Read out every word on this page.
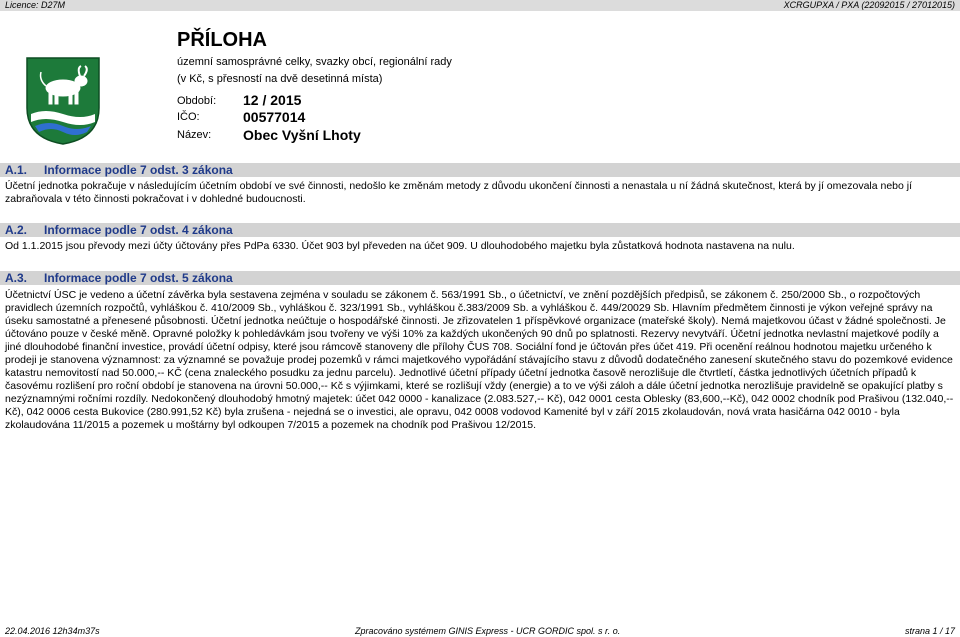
Licence: D27M	XCRGUPXA / PXA (22092015 / 27012015)
PŘÍLOHA
územní samosprávné celky, svazky obcí, regionální rady
(v Kč, s přesností na dvě desetinná místa)
Období: 12 / 2015
IČO:	00577014
Název: Obec Vyšní Lhoty
A.1. Informace podle 7 odst. 3 zákona
Účetní jednotka pokračuje v následujícím účetním období ve své činnosti, nedošlo ke změnám metody z důvodu ukončení činnosti a nenastala u ní žádná skutečnost, která by jí omezovala nebo jí zabraňovala v této činnosti pokračovat i v dohledné budoucnosti.
A.2. Informace podle 7 odst. 4 zákona
Od 1.1.2015 jsou převody mezi účty účtovány přes PdPa 6330. Účet 903 byl převeden na účet 909. U dlouhodobého majetku byla zůstatková hodnota nastavena na nulu.
A.3. Informace podle 7 odst. 5 zákona
Účetnictví ÚSC je vedeno a účetní závěrka byla sestavena zejména v souladu se zákonem č. 563/1991 Sb., o účetnictví, ve znění pozdějších předpisů, se zákonem č. 250/2000 Sb., o rozpočtových pravidlech územních rozpočtů, vyhláškou č. 410/2009 Sb., vyhláškou č. 323/1991 Sb., vyhláškou č.383/2009 Sb. a vyhláškou č. 449/20029 Sb. Hlavním předmětem činnosti je výkon veřejné správy na úseku samostatné a přenesené působnosti. Účetní jednotka neúčtuje o hospodářské činnosti. Je zřizovatelen 1 příspěvkové organizace (mateřské školy). Nemá majetkovou účast v žádné společnosti. Je účtováno pouze v české měně. Opravné položky k pohledávkám jsou tvořeny ve výši 10% za každých ukončených 90 dnů po splatnosti. Rezervy nevytváří. Účetní jednotka nevlastní majetkové podíly a jiné dlouhodobé finanční investice, provádí účetní odpisy, které jsou rámcově stanoveny dle přílohy ČUS 708. Sociální fond je účtován přes účet 419. Při ocenění reálnou hodnotou majetku určeného k prodeji je stanovena významnost: za významné se považuje prodej pozemků v rámci majetkového vypořádání stávajícího stavu z důvodů dodatečného zanesení skutečného stavu do pozemkové evidence katastru nemovitostí nad 50.000,-- KČ (cena znaleckého posudku za jednu parcelu). Jednotlivé účetní případy účetní jednotka časově nerozlišuje dle čtvrtletí, částka jednotlivých účetních případů k časovému rozlišení pro roční období je stanovena na úrovni 50.000,-- Kč s výjimkami, které se rozlišují vždy (energie) a to ve výši záloh a dále účetní jednotka nerozlišuje pravidelně se opakující platby s nezýznamnými ročními rozdíly. Nedokončený dlouhodobý hmotný majetek: účet 042 0000 - kanalizace (2.083.527,-- Kč), 042 0001 cesta Oblesky (83,600,--Kč), 042 0002 chodník pod Prašivou (132.040,-- Kč), 042 0006 cesta Bukovice (280.991,52 Kč) byla zrušena - nejedná se o investici, ale opravu, 042 0008 vodovod Kamenité byl v září 2015 zkolaudován, nová vrata hasičárna 042 0010 - byla zkolaudována 11/2015 a pozemek u moštárny byl odkoupen 7/2015 a pozemek na chodník pod Prašivou 12/2015.
22.04.2016 12h34m37s	Zpracováno systémem GINIS Express - UCR GORDIC spol. s r. o.	strana 1 / 17
